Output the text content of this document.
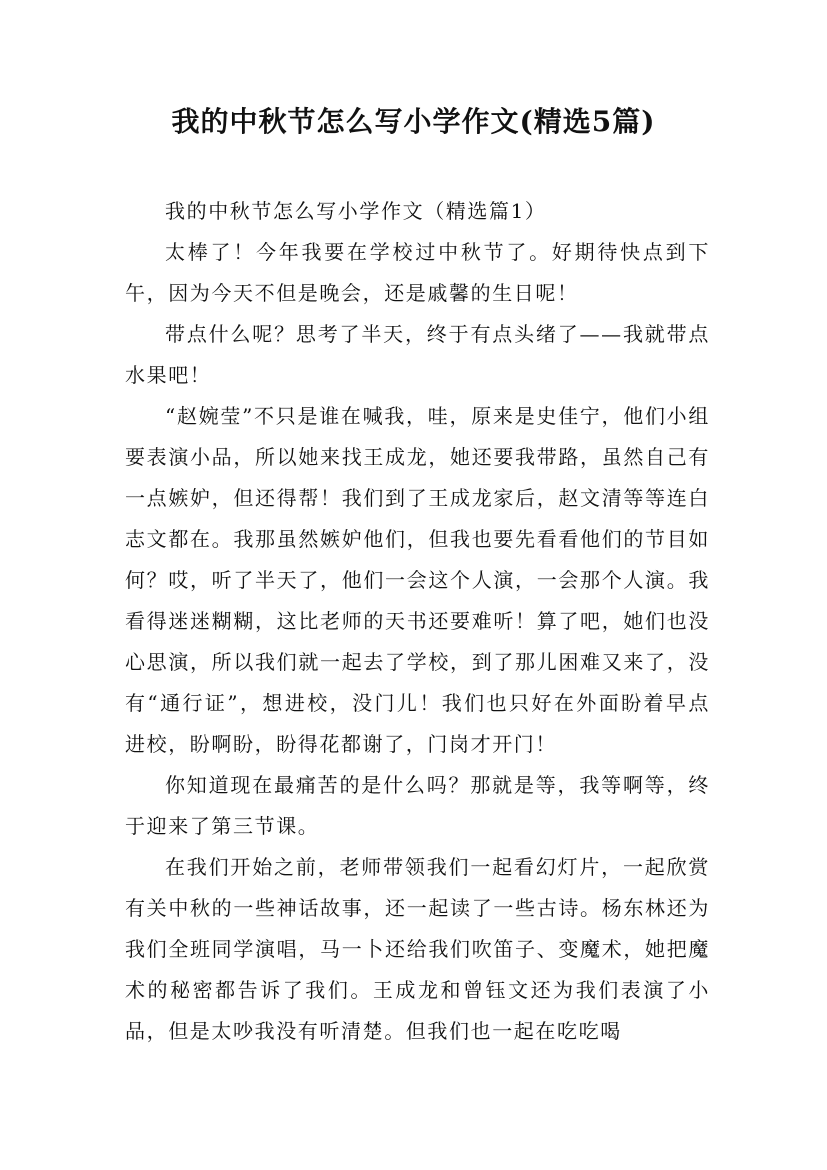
我的中秋节怎么写小学作文(精选5篇)

我的中秋节怎么写小学作文（精选篇1）

太棒了！今年我要在学校过中秋节了。好期待快点到下午，因为今天不但是晚会，还是戚馨的生日呢！

带点什么呢？思考了半天，终于有点头绪了——我就带点水果吧！

“赵婉莹”不只是谁在喊我，哇，原来是史佳宁，他们小组要表演小品，所以她来找王成龙，她还要我带路，虽然自己有一点嫉妒，但还得帮！我们到了王成龙家后，赵文清等等连白志文都在。我那虽然嫉妒他们，但我也要先看看他们的节目如何？哎，听了半天了，他们一会这个人演，一会那个人演。我看得迷迷糊糊，这比老师的天书还要难听！算了吧，她们也没心思演，所以我们就一起去了学校，到了那儿困难又来了，没有“通行证”，想进校，没门儿！我们也只好在外面盼着早点进校，盼啊盼，盼得花都谢了，门岗才开门！

你知道现在最痛苦的是什么吗？那就是等，我等啊等，终于迎来了第三节课。

在我们开始之前，老师带领我们一起看幻灯片，一起欣赏有关中秋的一些神话故事，还一起读了一些古诗。杨东林还为我们全班同学演唱，马一卜还给我们吹笛子、变魔术，她把魔术的秘密都告诉了我们。王成龙和曾钰文还为我们表演了小品，但是太吵我没有听清楚。但我们也一起在吃吃喝
